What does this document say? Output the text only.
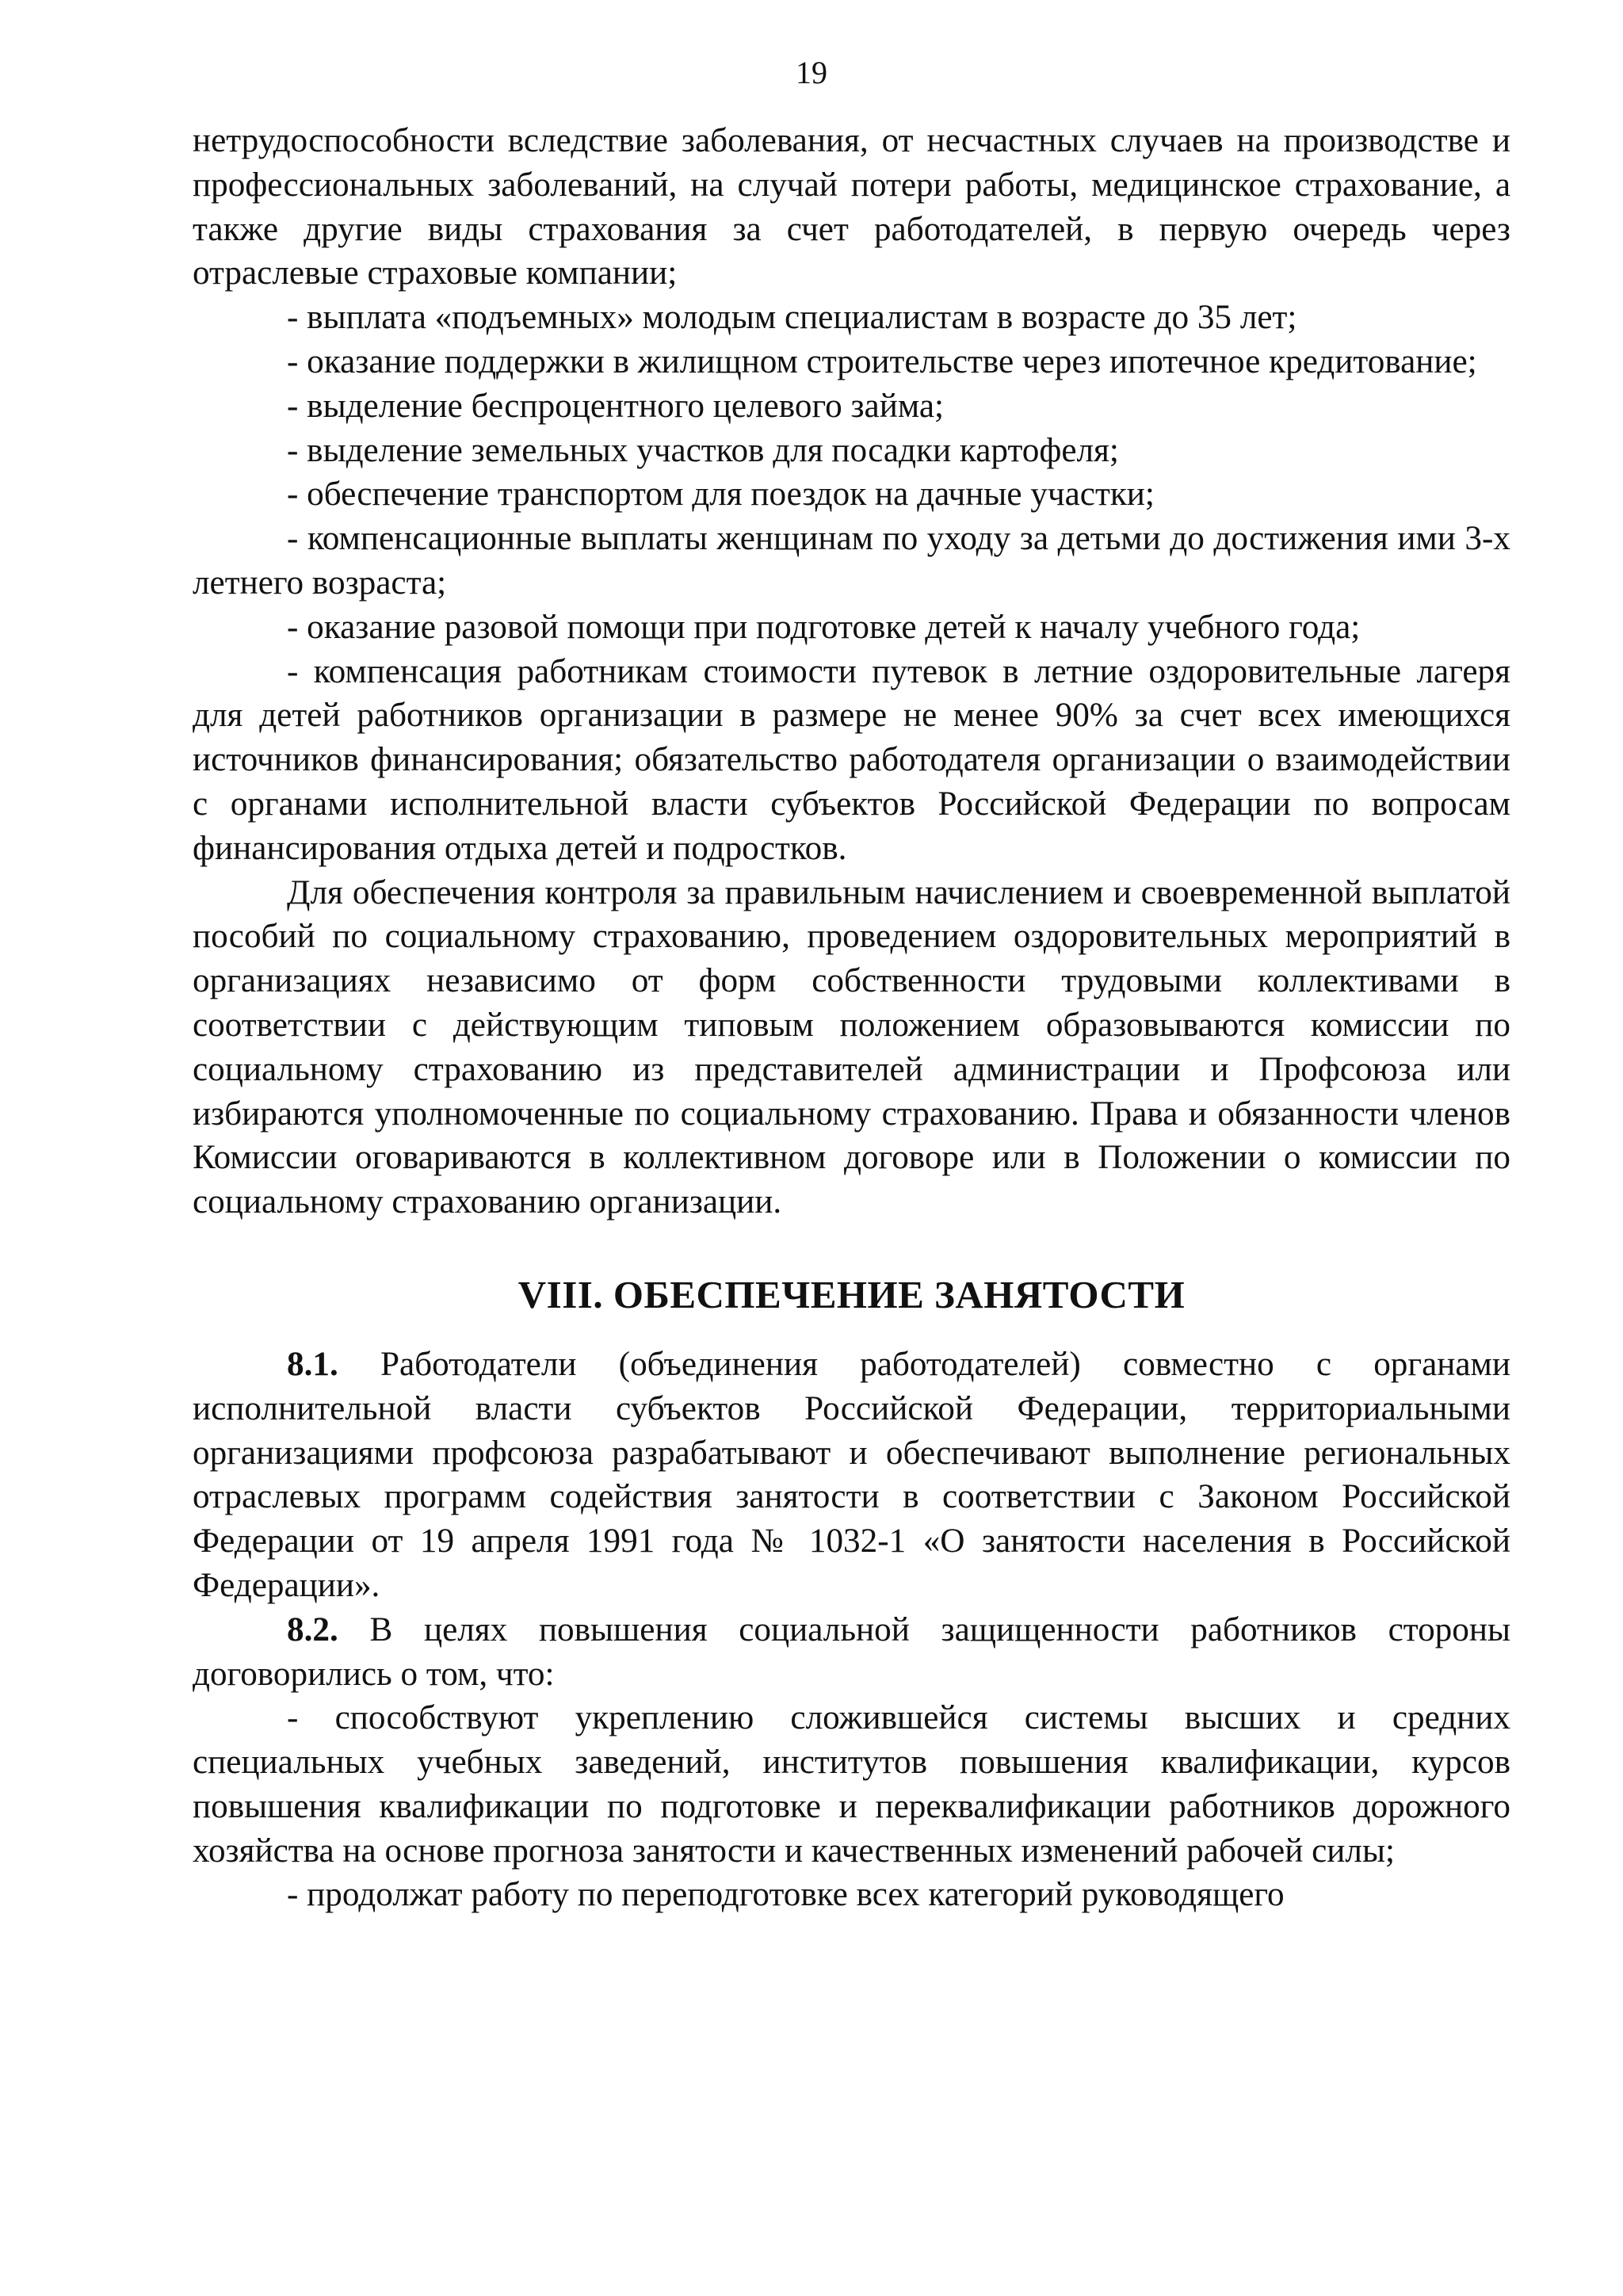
19

нетрудоспособности вследствие заболевания, от несчастных случаев на производстве и профессиональных заболеваний, на случай потери работы, медицинское страхование, а также другие виды страхования за счет работодателей, в первую очередь через отраслевые страховые компании;

- выплата «подъемных» молодым специалистам в возрасте до 35 лет;

- оказание поддержки в жилищном строительстве через ипотечное кредитование;

- выделение беспроцентного целевого займа;

- выделение земельных участков для посадки картофеля;

- обеспечение транспортом для поездок на дачные участки;

- компенсационные выплаты женщинам по уходу за детьми до достижения ими 3-х летнего возраста;

- оказание разовой помощи при подготовке детей к началу учебного года;

- компенсация работникам стоимости путевок в летние оздоровительные лагеря для детей работников организации в размере не менее 90% за счет всех имеющихся источников финансирования; обязательство работодателя организации о взаимодействии с органами исполнительной власти субъектов Российской Федерации по вопросам финансирования отдыха детей и подростков.

Для обеспечения контроля за правильным начислением и своевременной выплатой пособий по социальному страхованию, проведением оздоровительных мероприятий в организациях независимо от форм собственности трудовыми коллективами в соответствии с действующим типовым положением образовываются комиссии по социальному страхованию из представителей администрации и Профсоюза или избираются уполномоченные по социальному страхованию. Права и обязанности членов Комиссии оговариваются в коллективном договоре или в Положении о комиссии по социальному страхованию организации.

VIII. ОБЕСПЕЧЕНИЕ ЗАНЯТОСТИ

8.1. Работодатели (объединения работодателей) совместно с органами исполнительной власти субъектов Российской Федерации, территориальными организациями профсоюза разрабатывают и обеспечивают выполнение региональных отраслевых программ содействия занятости в соответствии с Законом Российской Федерации от 19 апреля 1991 года № 1032-1 «О занятости населения в Российской Федерации».

8.2. В целях повышения социальной защищенности работников стороны договорились о том, что:

- способствуют укреплению сложившейся системы высших и средних специальных учебных заведений, институтов повышения квалификации, курсов повышения квалификации по подготовке и переквалификации работников дорожного хозяйства на основе прогноза занятости и качественных изменений рабочей силы;

- продолжат работу по переподготовке всех категорий руководящего
